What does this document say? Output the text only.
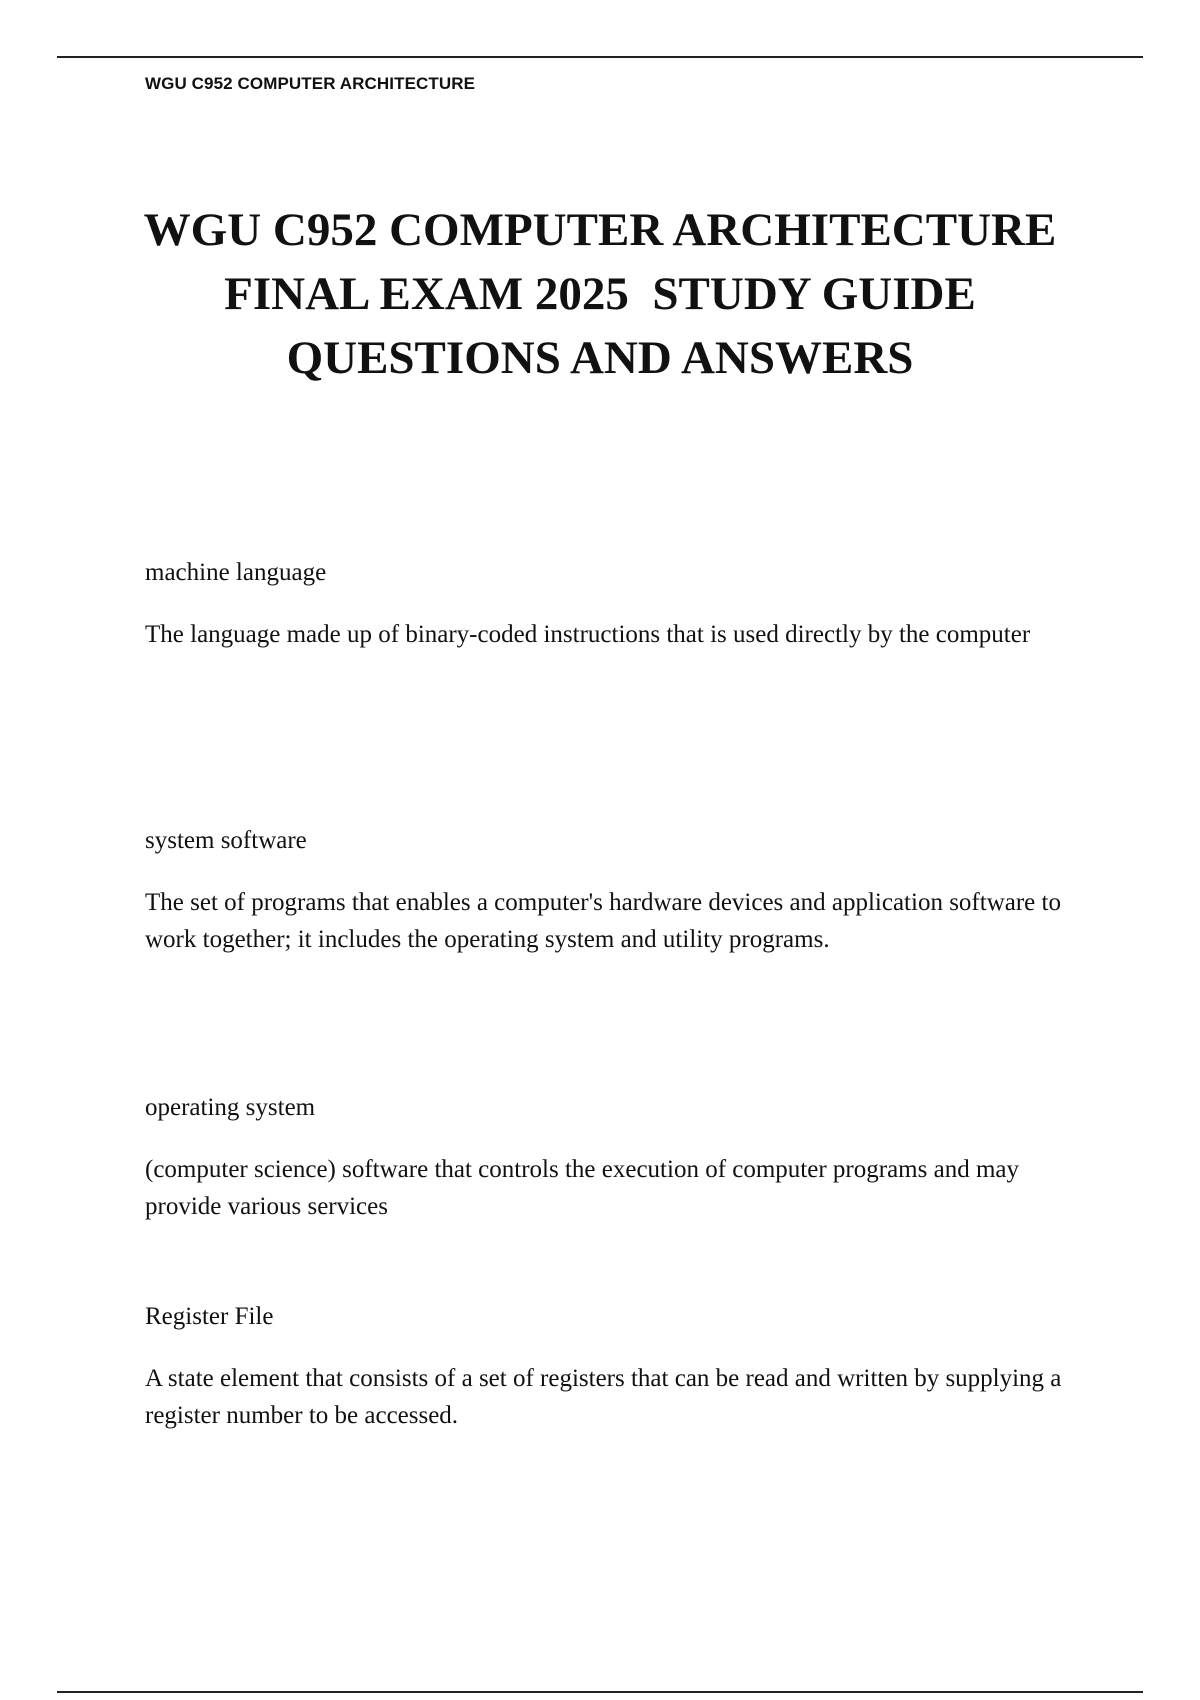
WGU C952 COMPUTER ARCHITECTURE
WGU C952 COMPUTER ARCHITECTURE
FINAL EXAM 2025  STUDY GUIDE
QUESTIONS AND ANSWERS

machine language

The language made up of binary-coded instructions that is used directly by the computer

system software

The set of programs that enables a computer's hardware devices and application software to work together; it includes the operating system and utility programs.

operating system

(computer science) software that controls the execution of computer programs and may provide various services

Register File

A state element that consists of a set of registers that can be read and written by supplying a register number to be accessed.
